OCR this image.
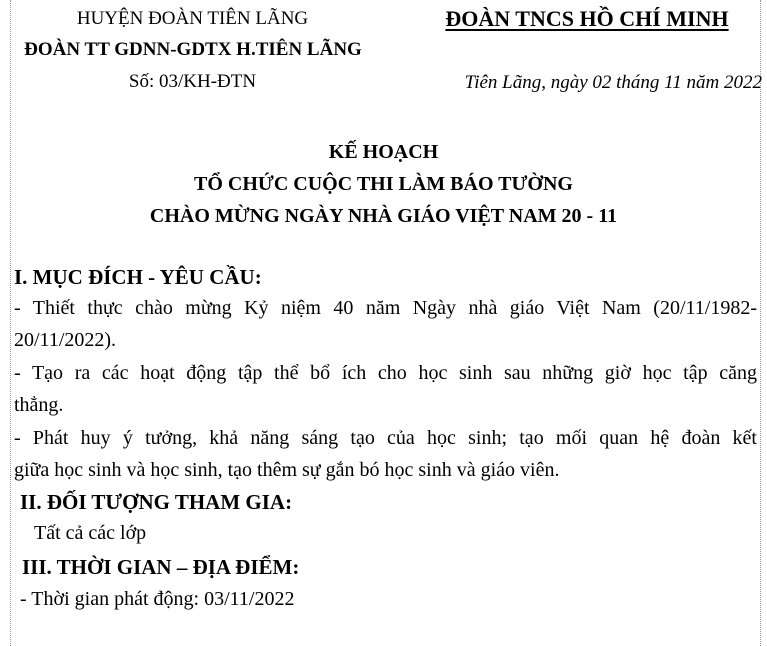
HUYỆN ĐOÀN TIÊN LÃNG
ĐOÀN TT GDNN-GDTX H.TIÊN LÃNG
Số: 03/KH-ĐTN
ĐOÀN TNCS HỒ CHÍ MINH
Tiên Lãng, ngày 02 tháng 11 năm 2022
KẾ HOẠCH
TỔ CHỨC CUỘC THI LÀM BÁO TƯỜNG
CHÀO MỪNG NGÀY NHÀ GIÁO VIỆT NAM 20 - 11
I. MỤC ĐÍCH - YÊU CẦU:
- Thiết thực chào mừng Kỷ niệm 40 năm Ngày nhà giáo Việt Nam (20/11/1982-
20/11/2022).
- Tạo ra các hoạt động tập thể bổ ích cho học sinh sau những giờ học tập căng
thẳng.
- Phát huy ý tưởng, khả năng sáng tạo của học sinh; tạo mối quan hệ đoàn kết
giữa học sinh và học sinh, tạo thêm sự gắn bó học sinh và giáo viên.
II. ĐỐI TƯỢNG THAM GIA:
Tất cả các lớp
III. THỜI GIAN – ĐỊA ĐIỂM:
- Thời gian phát động: 03/11/2022
